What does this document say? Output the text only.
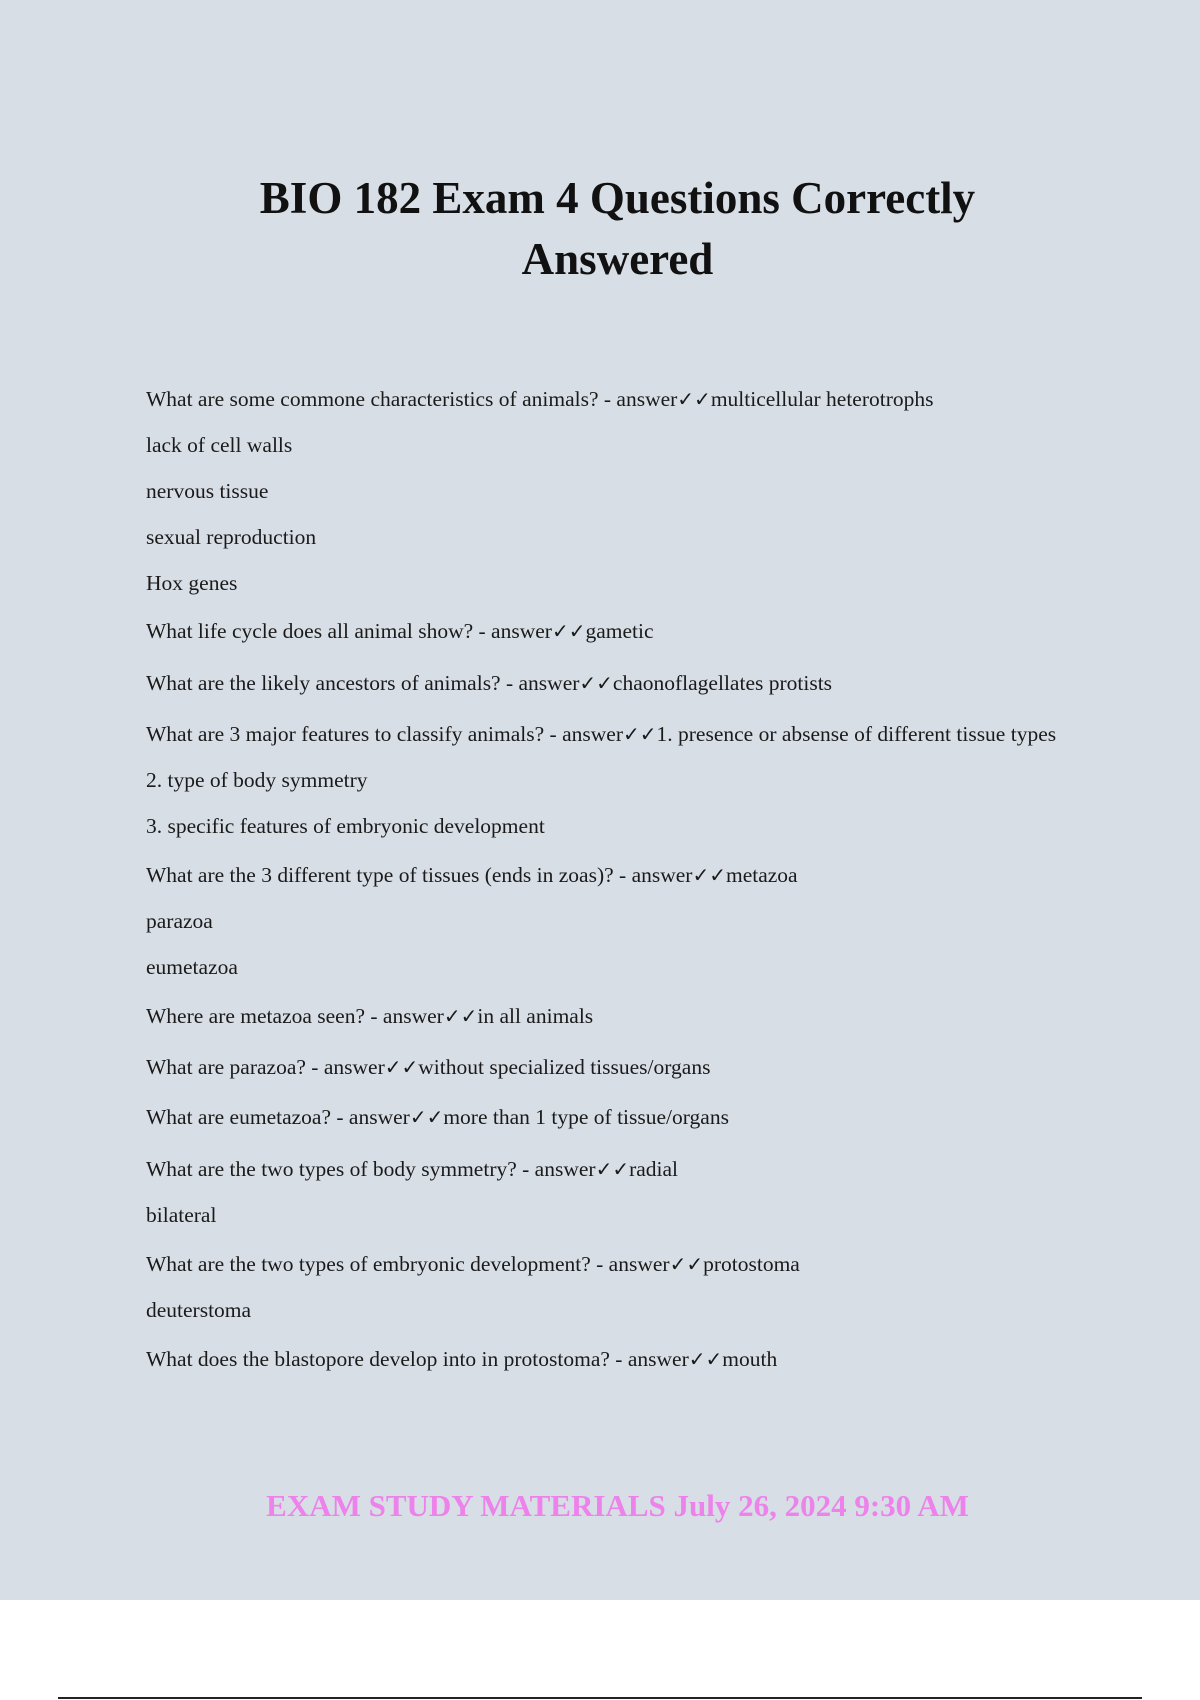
BIO 182 Exam 4 Questions Correctly Answered

What are some commone characteristics of animals? - answer✓✓multicellular heterotrophs

lack of cell walls

nervous tissue

sexual reproduction

Hox genes

What life cycle does all animal show? - answer✓✓gametic

What are the likely ancestors of animals? - answer✓✓chaonoflagellates protists

What are 3 major features to classify animals? - answer✓✓1. presence or absense of different tissue types

2. type of body symmetry

3. specific features of embryonic development

What are the 3 different type of tissues (ends in zoas)? - answer✓✓metazoa

parazoa

eumetazoa

Where are metazoa seen? - answer✓✓in all animals

What are parazoa? - answer✓✓without specialized tissues/organs

What are eumetazoa? - answer✓✓more than 1 type of tissue/organs

What are the two types of body symmetry? - answer✓✓radial

bilateral

What are the two types of embryonic development? - answer✓✓protostoma

deuterstoma

What does the blastopore develop into in protostoma? - answer✓✓mouth

EXAM STUDY MATERIALS July 26, 2024 9:30 AM
